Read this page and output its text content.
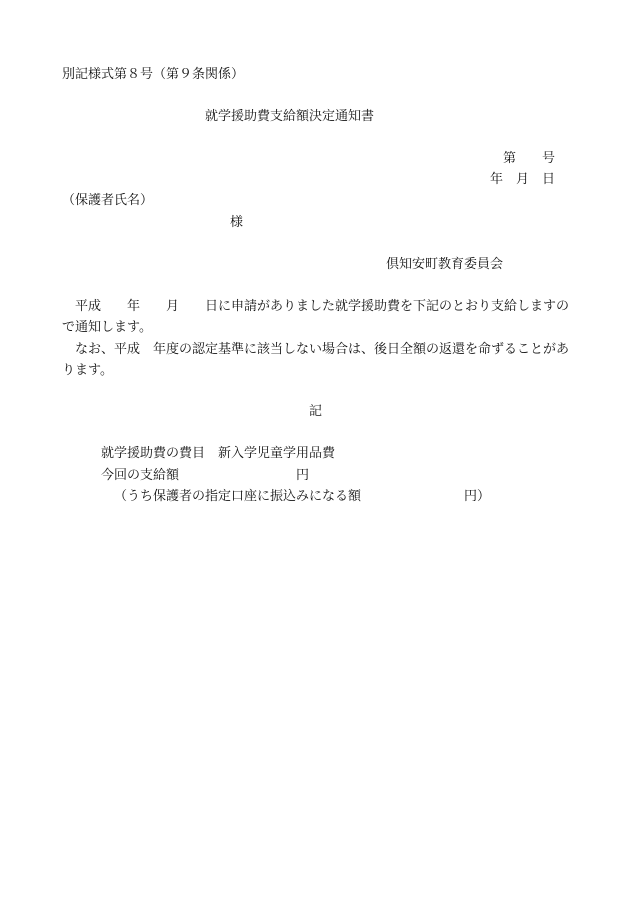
別記様式第８号（第９条関係）
就学援助費支給額決定通知書
第　　号
年　月　日
（保護者氏名）
様
倶知安町教育委員会
平成　　年　　月　　日に申請がありました就学援助費を下記のとおり支給しますの
で通知します。
なお、平成　年度の認定基準に該当しない場合は、後日全額の返還を命ずることがあ
ります。
記
就学援助費の費目　新入学児童学用品費
今回の支給額	円
（うち保護者の指定口座に振込みになる額	円）
